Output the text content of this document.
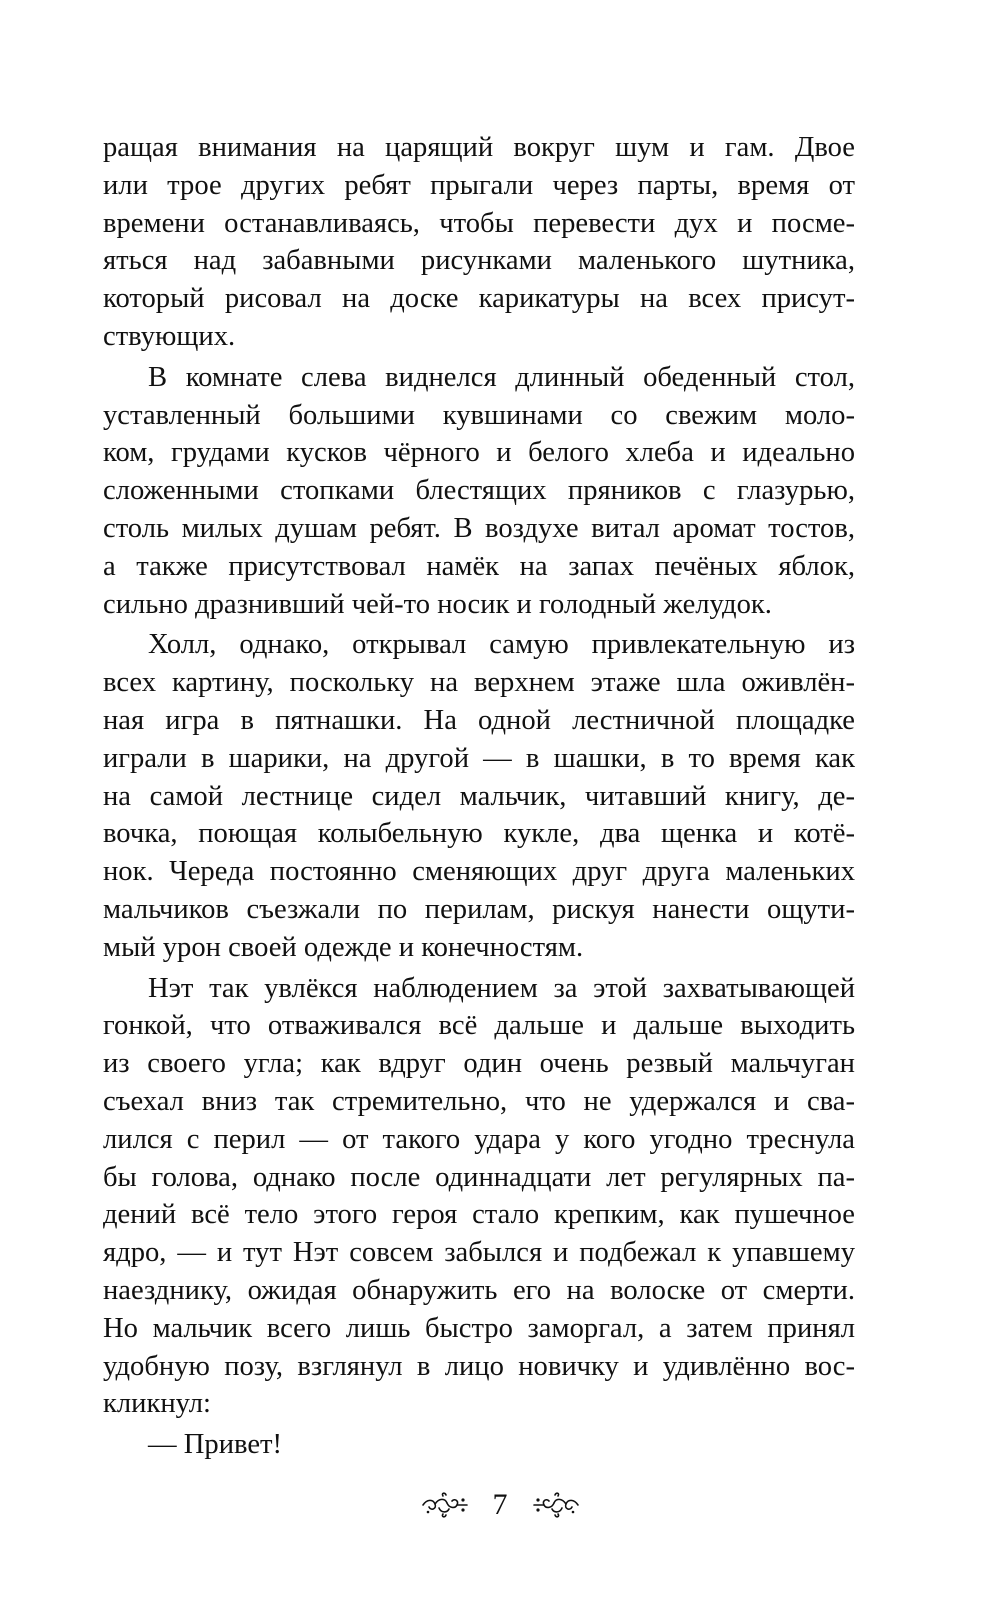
ращая внимания на царящий вокруг шум и гам. Двое
или трое других ребят прыгали через парты, время от
времени останавливаясь, чтобы перевести дух и посме-
яться над забавными рисунками маленького шутника,
который рисовал на доске карикатуры на всех присут-
ствующих.
В комнате слева виднелся длинный обеденный стол,
уставленный большими кувшинами со свежим моло-
ком, грудами кусков чёрного и белого хлеба и идеально
сложенными стопками блестящих пряников с глазурью,
столь милых душам ребят. В воздухе витал аромат тостов,
а также присутствовал намёк на запах печёных яблок,
сильно дразнивший чей-то носик и голодный желудок.
Холл, однако, открывал самую привлекательную из
всех картину, поскольку на верхнем этаже шла оживлён-
ная игра в пятнашки. На одной лестничной площадке
играли в шарики, на другой — в шашки, в то время как
на самой лестнице сидел мальчик, читавший книгу, де-
вочка, поющая колыбельную кукле, два щенка и котё-
нок. Череда постоянно сменяющих друг друга маленьких
мальчиков съезжали по перилам, рискуя нанести ощути-
мый урон своей одежде и конечностям.
Нэт так увлёкся наблюдением за этой захватывающей
гонкой, что отваживался всё дальше и дальше выходить
из своего угла; как вдруг один очень резвый мальчуган
съехал вниз так стремительно, что не удержался и сва-
лился с перил — от такого удара у кого угодно треснула
бы голова, однако после одиннадцати лет регулярных па-
дений всё тело этого героя стало крепким, как пушечное
ядро, — и тут Нэт совсем забылся и подбежал к упавшему
наезднику, ожидая обнаружить его на волоске от смерти.
Но мальчик всего лишь быстро заморгал, а затем принял
удобную позу, взглянул в лицо новичку и удивлённо вос-
кликнул:
— Привет!
7
